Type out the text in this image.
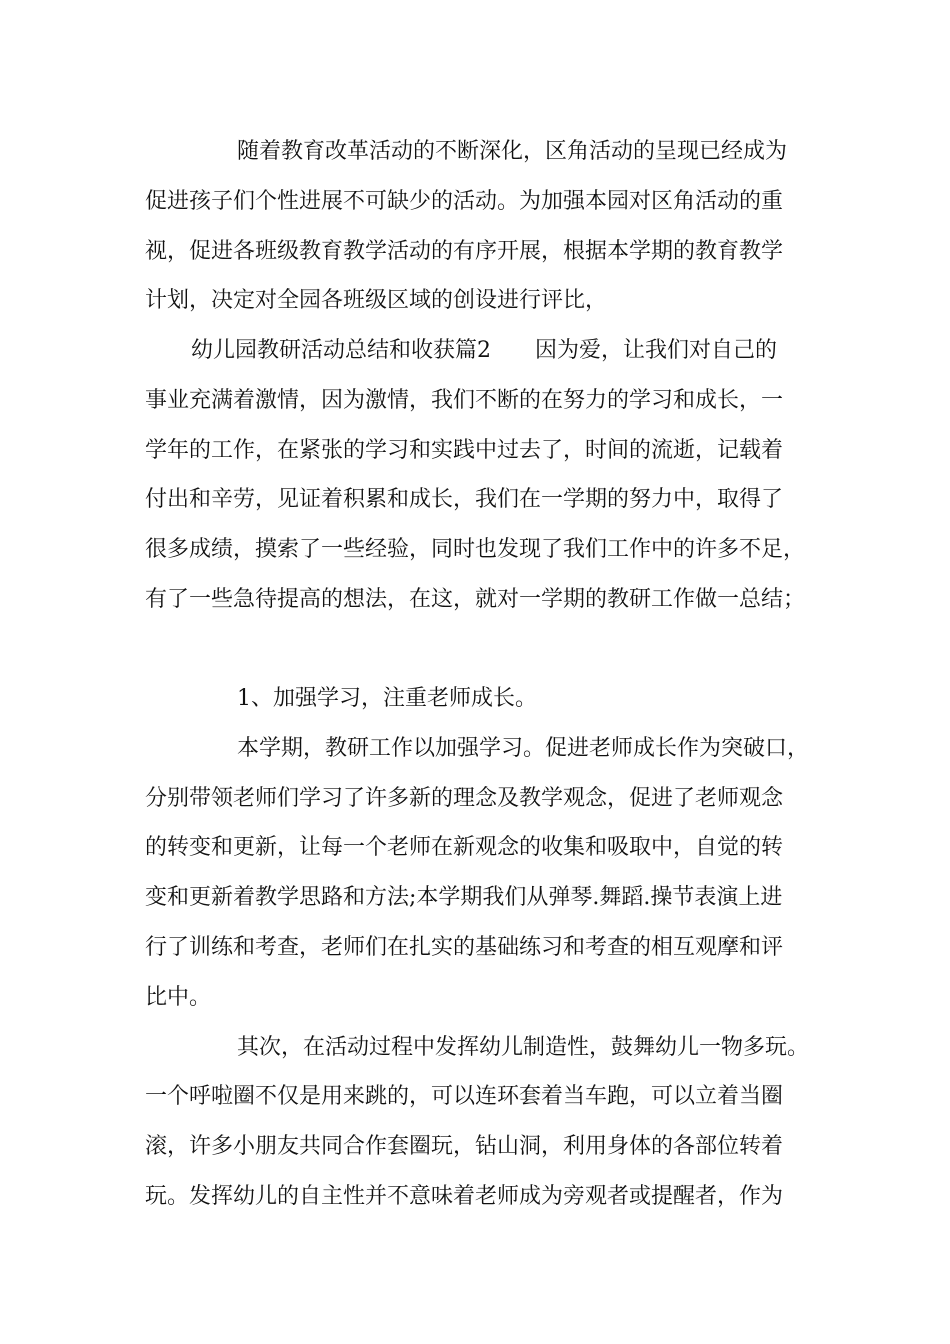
随着教育改革活动的不断深化，区角活动的呈现已经成为
促进孩子们个性进展不可缺少的活动。为加强本园对区角活动的重
视，促进各班级教育教学活动的有序开展，根据本学期的教育教学
计划，决定对全园各班级区域的创设进行评比，
幼儿园教研活动总结和收获篇2　　因为爱，让我们对自己的
事业充满着激情，因为激情，我们不断的在努力的学习和成长，一
学年的工作，在紧张的学习和实践中过去了，时间的流逝，记载着
付出和辛劳，见证着积累和成长，我们在一学期的努力中，取得了
很多成绩，摸索了一些经验，同时也发现了我们工作中的许多不足，
有了一些急待提高的想法，在这，就对一学期的教研工作做一总结；
1、加强学习，注重老师成长。
本学期，教研工作以加强学习。促进老师成长作为突破口，
分别带领老师们学习了许多新的理念及教学观念，促进了老师观念
的转变和更新，让每一个老师在新观念的收集和吸取中，自觉的转
变和更新着教学思路和方法;本学期我们从弹琴.舞蹈.操节表演上进
行了训练和考查，老师们在扎实的基础练习和考查的相互观摩和评
比中。
其次，在活动过程中发挥幼儿制造性，鼓舞幼儿一物多玩。
一个呼啦圈不仅是用来跳的，可以连环套着当车跑，可以立着当圈
滚，许多小朋友共同合作套圈玩，钻山洞，利用身体的各部位转着
玩。发挥幼儿的自主性并不意味着老师成为旁观者或提醒者，作为
